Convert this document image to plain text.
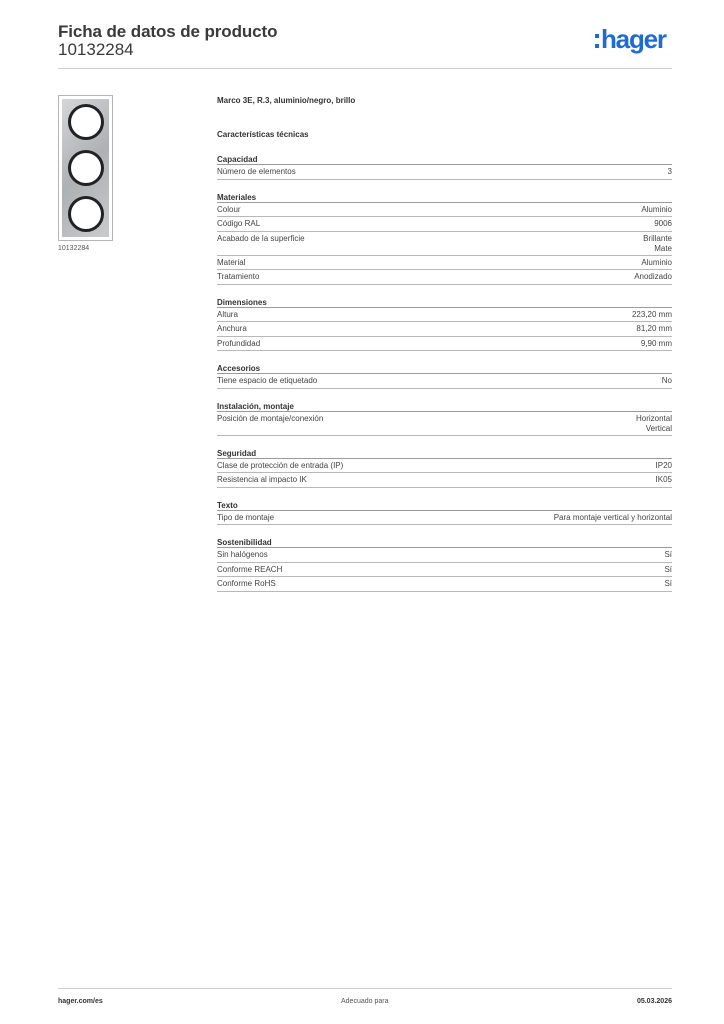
Ficha de datos de producto
10132284	hager
10132284
Marco 3E, R.3, aluminio/negro, brillo
Características técnicas
Capacidad
Número de elementos	3
Materiales
Colour	Aluminio
Código RAL	9006
Acabado de la superficie	Brillante
Mate
Material	Aluminio
Tratamiento	Anodizado
Dimensiones
Altura	223,20 mm
Anchura	81,20 mm
Profundidad	9,90 mm
Accesorios
Tiene espacio de etiquetado	No
Instalación, montaje
Posición de montaje/conexión	Horizontal
Vertical
Seguridad
Clase de protección de entrada (IP)	IP20
Resistencia al impacto IK	IK05
Texto
Tipo de montaje	Para montaje vertical y horizontal
Sostenibilidad
Sin halógenos	Sí
Conforme REACH	Sí
Conforme RoHS	Sí
hager.com/es	Adecuado para	05.03.2026
